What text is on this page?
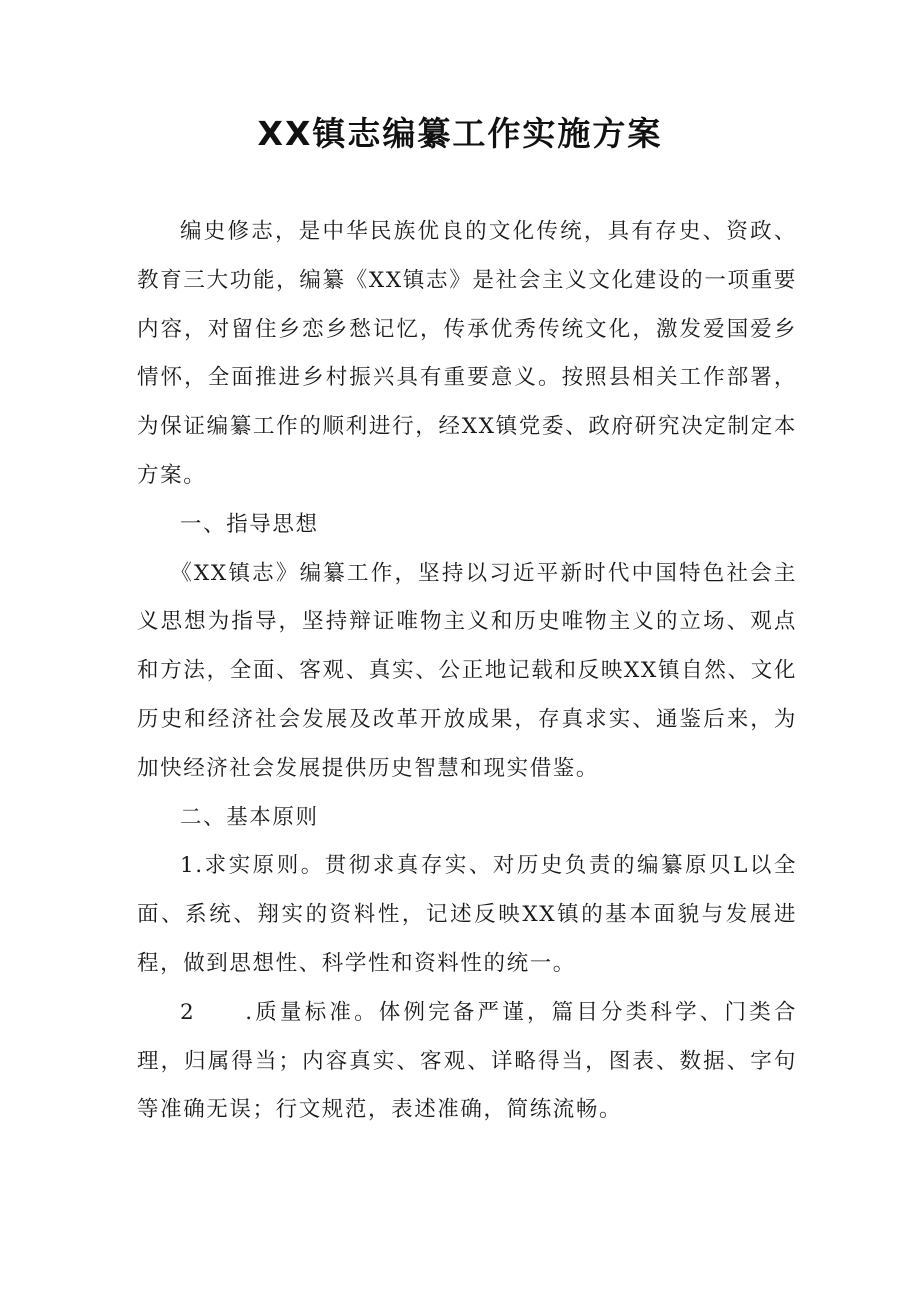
XX镇志编纂工作实施方案

编史修志，是中华民族优良的文化传统，具有存史、资政、教育三大功能，编纂《XX镇志》是社会主义文化建设的一项重要内容，对留住乡恋乡愁记忆，传承优秀传统文化，激发爱国爱乡情怀，全面推进乡村振兴具有重要意义。按照县相关工作部署，为保证编纂工作的顺利进行，经XX镇党委、政府研究决定制定本方案。

一、指导思想

《XX镇志》编纂工作，坚持以习近平新时代中国特色社会主义思想为指导，坚持辩证唯物主义和历史唯物主义的立场、观点和方法，全面、客观、真实、公正地记载和反映XX镇自然、文化历史和经济社会发展及改革开放成果，存真求实、通鉴后来，为加快经济社会发展提供历史智慧和现实借鉴。

二、基本原则

1.求实原则。贯彻求真存实、对历史负责的编纂原贝L以全面、系统、翔实的资料性，记述反映XX镇的基本面貌与发展进程，做到思想性、科学性和资料性的统一。

2 .质量标准。体例完备严谨，篇目分类科学、门类合理，归属得当；内容真实、客观、详略得当，图表、数据、字句等准确无误；行文规范，表述准确，简练流畅。
